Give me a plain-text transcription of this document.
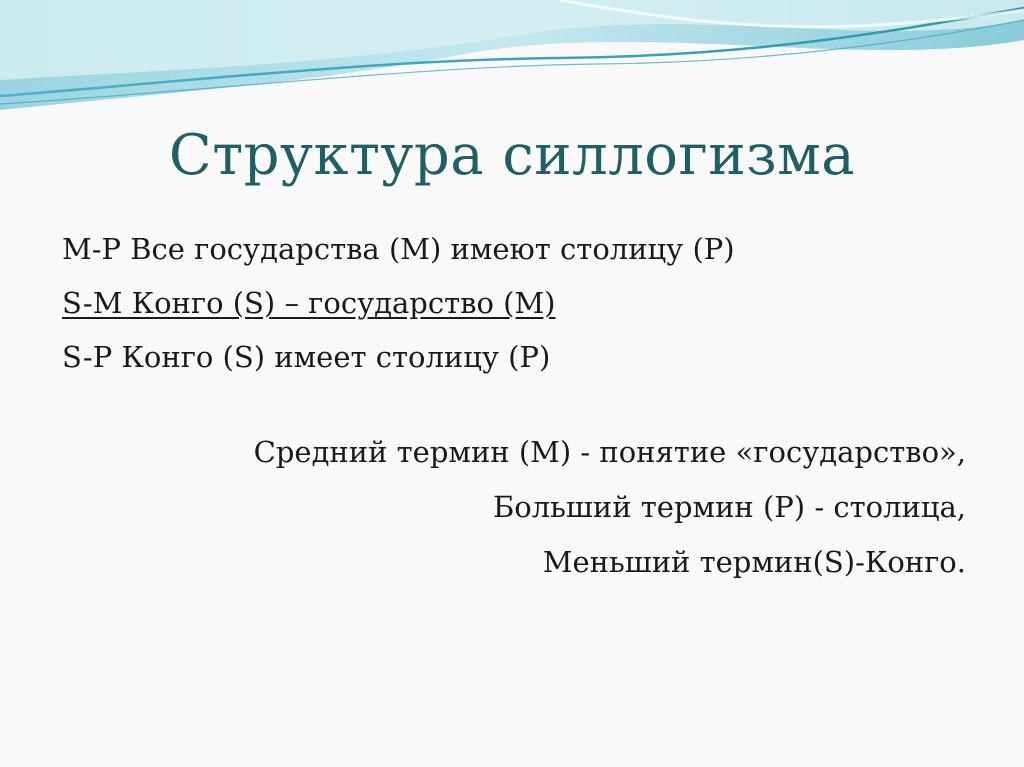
Структура силлогизма
M-P Все государства (M) имеют столицу (P)
S-M Конго (S) – государство (M)
S-P Конго (S) имеет столицу (P)
Средний термин (M) - понятие «государство»,
Больший термин (P) - столица,
Меньший термин(S)-Конго.
